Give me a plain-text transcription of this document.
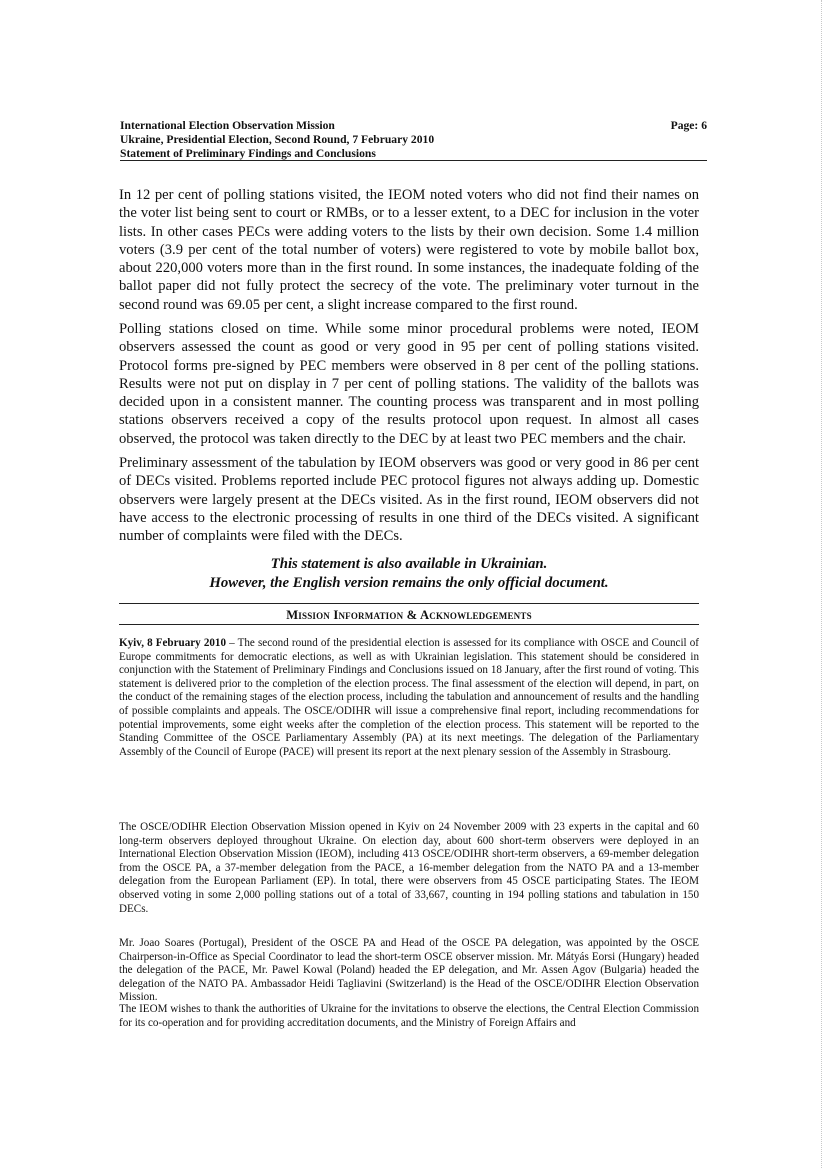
International Election Observation Mission
Ukraine, Presidential Election, Second Round, 7 February 2010
Statement of Preliminary Findings and Conclusions
Page: 6

In 12 per cent of polling stations visited, the IEOM noted voters who did not find their names on the voter list being sent to court or RMBs, or to a lesser extent, to a DEC for inclusion in the voter lists. In other cases PECs were adding voters to the lists by their own decision. Some 1.4 million voters (3.9 per cent of the total number of voters) were registered to vote by mobile ballot box, about 220,000 voters more than in the first round. In some instances, the inadequate folding of the ballot paper did not fully protect the secrecy of the vote. The preliminary voter turnout in the second round was 69.05 per cent, a slight increase compared to the first round.

Polling stations closed on time. While some minor procedural problems were noted, IEOM observers assessed the count as good or very good in 95 per cent of polling stations visited. Protocol forms pre-signed by PEC members were observed in 8 per cent of the polling stations. Results were not put on display in 7 per cent of polling stations. The validity of the ballots was decided upon in a consistent manner. The counting process was transparent and in most polling stations observers received a copy of the results protocol upon request. In almost all cases observed, the protocol was taken directly to the DEC by at least two PEC members and the chair.

Preliminary assessment of the tabulation by IEOM observers was good or very good in 86 per cent of DECs visited. Problems reported include PEC protocol figures not always adding up. Domestic observers were largely present at the DECs visited. As in the first round, IEOM observers did not have access to the electronic processing of results in one third of the DECs visited. A significant number of complaints were filed with the DECs.

This statement is also available in Ukrainian.
However, the English version remains the only official document.
Mission Information & Acknowledgements

Kyiv, 8 February 2010 – The second round of the presidential election is assessed for its compliance with OSCE and Council of Europe commitments for democratic elections, as well as with Ukrainian legislation. This statement should be considered in conjunction with the Statement of Preliminary Findings and Conclusions issued on 18 January, after the first round of voting. This statement is delivered prior to the completion of the election process. The final assessment of the election will depend, in part, on the conduct of the remaining stages of the election process, including the tabulation and announcement of results and the handling of possible complaints and appeals. The OSCE/ODIHR will issue a comprehensive final report, including recommendations for potential improvements, some eight weeks after the completion of the election process. This statement will be reported to the Standing Committee of the OSCE Parliamentary Assembly (PA) at its next meetings. The delegation of the Parliamentary Assembly of the Council of Europe (PACE) will present its report at the next plenary session of the Assembly in Strasbourg.

The OSCE/ODIHR Election Observation Mission opened in Kyiv on 24 November 2009 with 23 experts in the capital and 60 long-term observers deployed throughout Ukraine. On election day, about 600 short-term observers were deployed in an International Election Observation Mission (IEOM), including 413 OSCE/ODIHR short-term observers, a 69-member delegation from the OSCE PA, a 37-member delegation from the PACE, a 16-member delegation from the NATO PA and a 13-member delegation from the European Parliament (EP). In total, there were observers from 45 OSCE participating States. The IEOM observed voting in some 2,000 polling stations out of a total of 33,667, counting in 194 polling stations and tabulation in 150 DECs.

Mr. Joao Soares (Portugal), President of the OSCE PA and Head of the OSCE PA delegation, was appointed by the OSCE Chairperson-in-Office as Special Coordinator to lead the short-term OSCE observer mission. Mr. Mátyás Eorsi (Hungary) headed the delegation of the PACE, Mr. Pawel Kowal (Poland) headed the EP delegation, and Mr. Assen Agov (Bulgaria) headed the delegation of the NATO PA. Ambassador Heidi Tagliavini (Switzerland) is the Head of the OSCE/ODIHR Election Observation Mission.

The IEOM wishes to thank the authorities of Ukraine for the invitations to observe the elections, the Central Election Commission for its co-operation and for providing accreditation documents, and the Ministry of Foreign Affairs and
